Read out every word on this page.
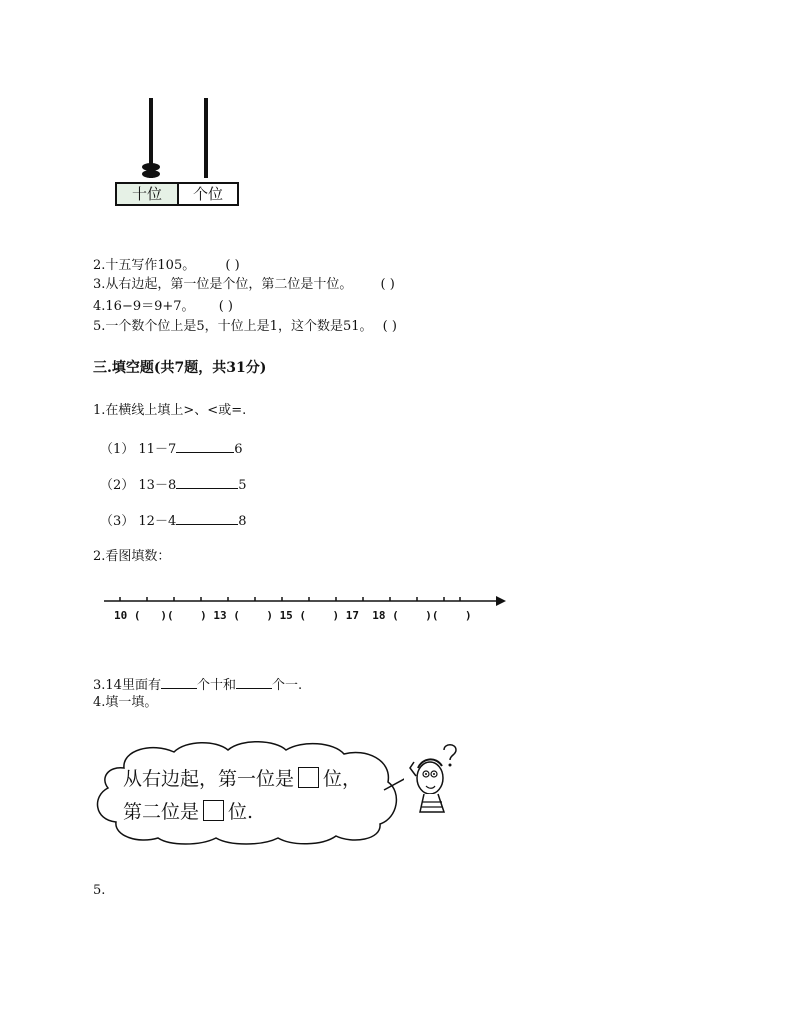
十位	个位
2.十五写作105。 ( )
3.从右边起，第一位是个位，第二位是十位。 ( )
4.16−9＝9+7。 ( )
5.一个数个位上是5，十位上是1，这个数是51。 ( )
三.填空题(共7题，共31分)
1.在横线上填上>、<或=.
（1） 11－7	6
（2） 13－8	5
（3） 12－4	8
2.看图填数：
10 (   )(    ) 13 (    ) 15 (    ) 17  18 (    )(    )
3.14里面有	个十和	个一.
4.填一填。
从右边起，第一位是 位，
第二位是 位.
5.
